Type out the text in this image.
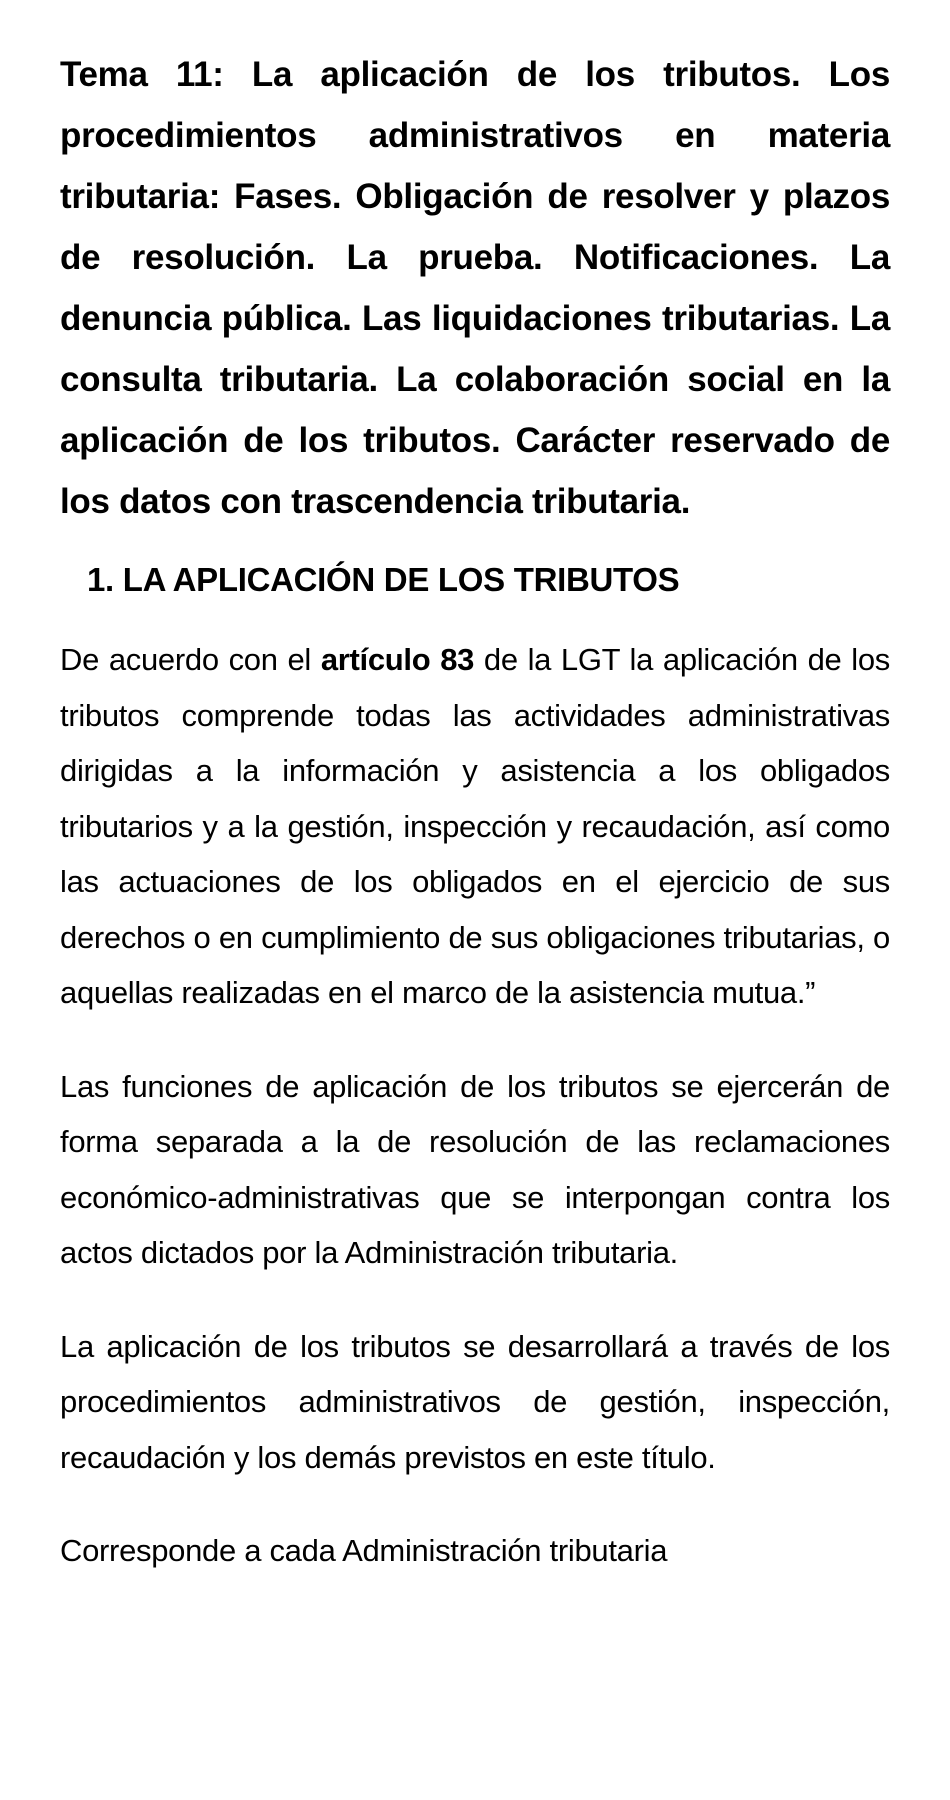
Tema 11: La aplicación de los tributos. Los procedimientos administrativos en materia tributaria: Fases. Obligación de resolver y plazos de resolución. La prueba. Notificaciones. La denuncia pública. Las liquidaciones tributarias. La consulta tributaria. La colaboración social en la aplicación de los tributos. Carácter reservado de los datos con trascendencia tributaria.

1. LA APLICACIÓN DE LOS TRIBUTOS

De acuerdo con el artículo 83 de la LGT la aplicación de los tributos comprende todas las actividades administrativas dirigidas a la información y asistencia a los obligados tributarios y a la gestión, inspección y recaudación, así como las actuaciones de los obligados en el ejercicio de sus derechos o en cumplimiento de sus obligaciones tributarias, o aquellas realizadas en el marco de la asistencia mutua.”

Las funciones de aplicación de los tributos se ejercerán de forma separada a la de resolución de las reclamaciones económico-administrativas que se interpongan contra los actos dictados por la Administración tributaria.

La aplicación de los tributos se desarrollará a través de los procedimientos administrativos de gestión, inspección, recaudación y los demás previstos en este título.

Corresponde a cada Administración tributaria
